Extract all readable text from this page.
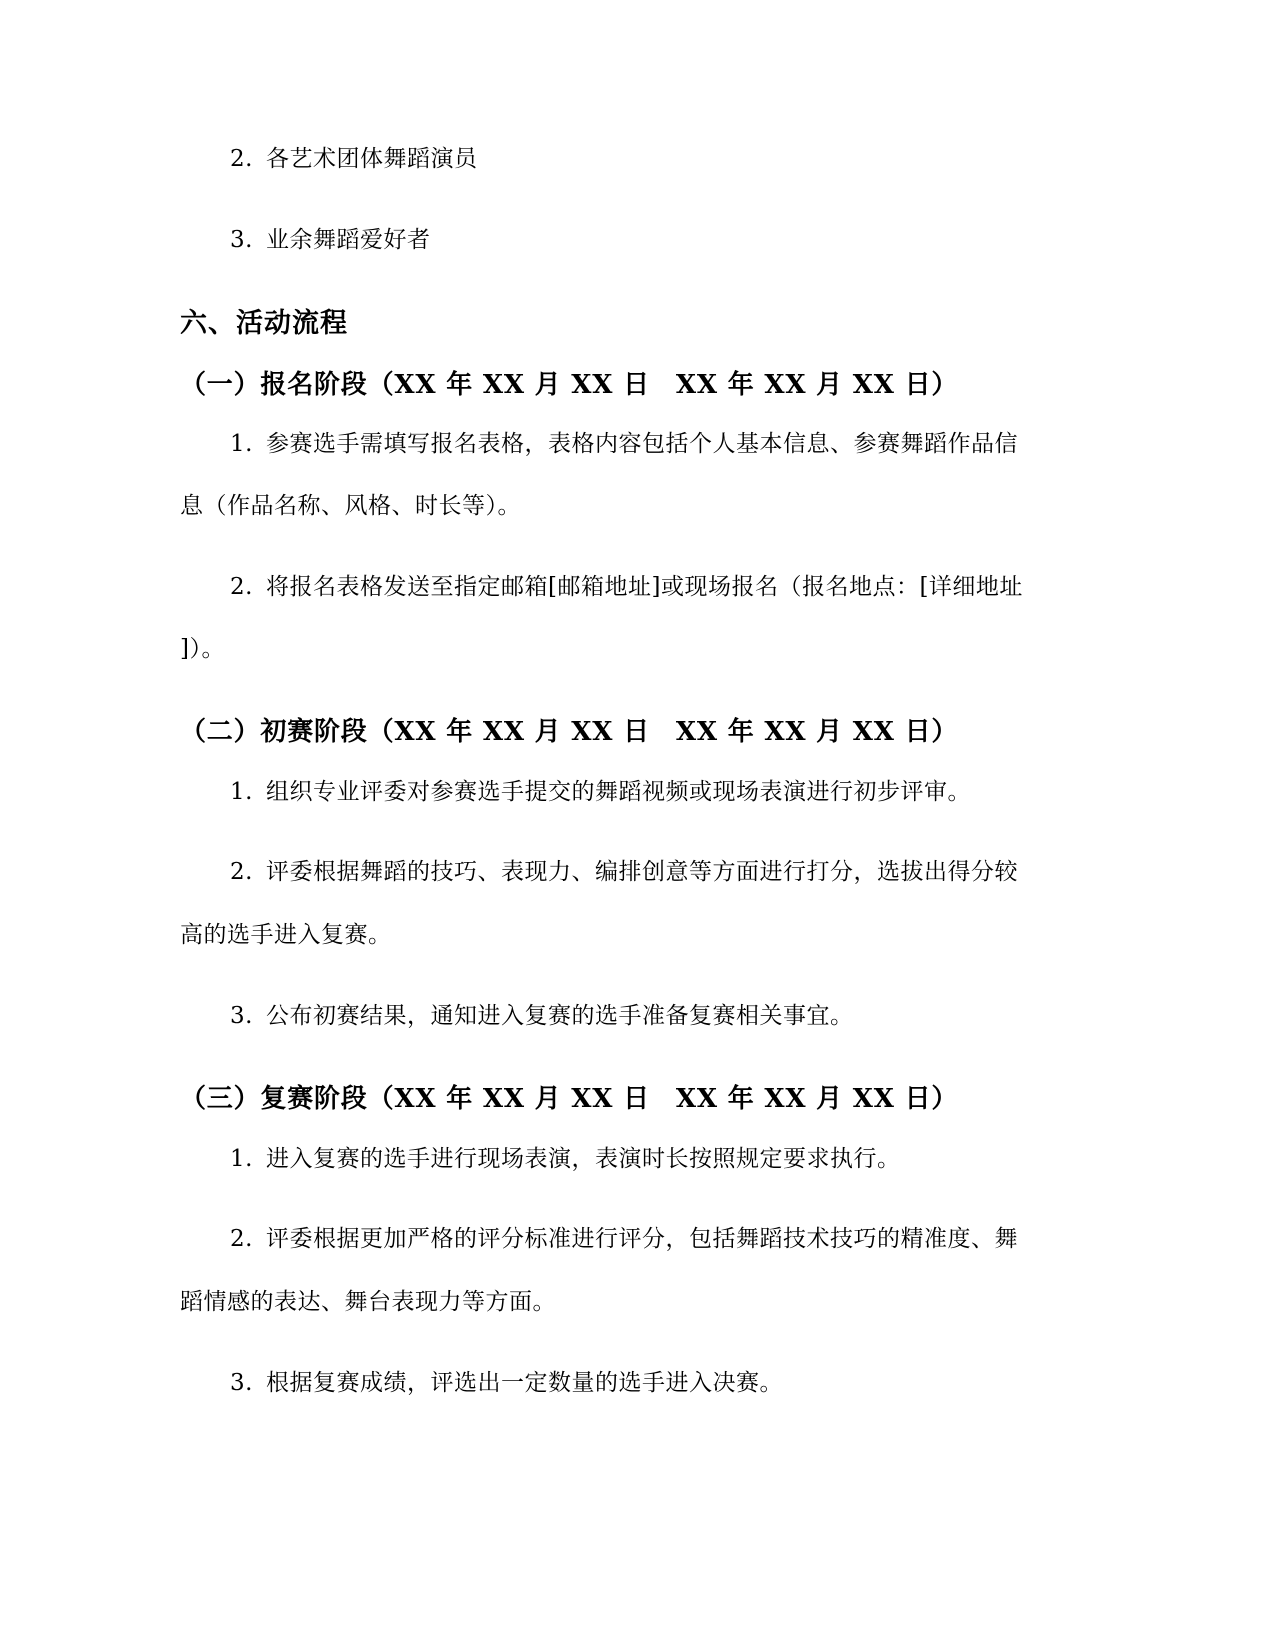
2. 各艺术团体舞蹈演员
3. 业余舞蹈爱好者
六、活动流程
（一）报名阶段（XX 年 XX 月 XX 日 XX 年 XX 月 XX 日）
1. 参赛选手需填写报名表格，表格内容包括个人基本信息、参赛舞蹈作品信
息（作品名称、风格、时长等）。
2. 将报名表格发送至指定邮箱[邮箱地址]或现场报名（报名地点：[详细地址
]）。
（二）初赛阶段（XX 年 XX 月 XX 日 XX 年 XX 月 XX 日）
1. 组织专业评委对参赛选手提交的舞蹈视频或现场表演进行初步评审。
2. 评委根据舞蹈的技巧、表现力、编排创意等方面进行打分，选拔出得分较
高的选手进入复赛。
3. 公布初赛结果，通知进入复赛的选手准备复赛相关事宜。
（三）复赛阶段（XX 年 XX 月 XX 日 XX 年 XX 月 XX 日）
1. 进入复赛的选手进行现场表演，表演时长按照规定要求执行。
2. 评委根据更加严格的评分标准进行评分，包括舞蹈技术技巧的精准度、舞
蹈情感的表达、舞台表现力等方面。
3. 根据复赛成绩，评选出一定数量的选手进入决赛。
